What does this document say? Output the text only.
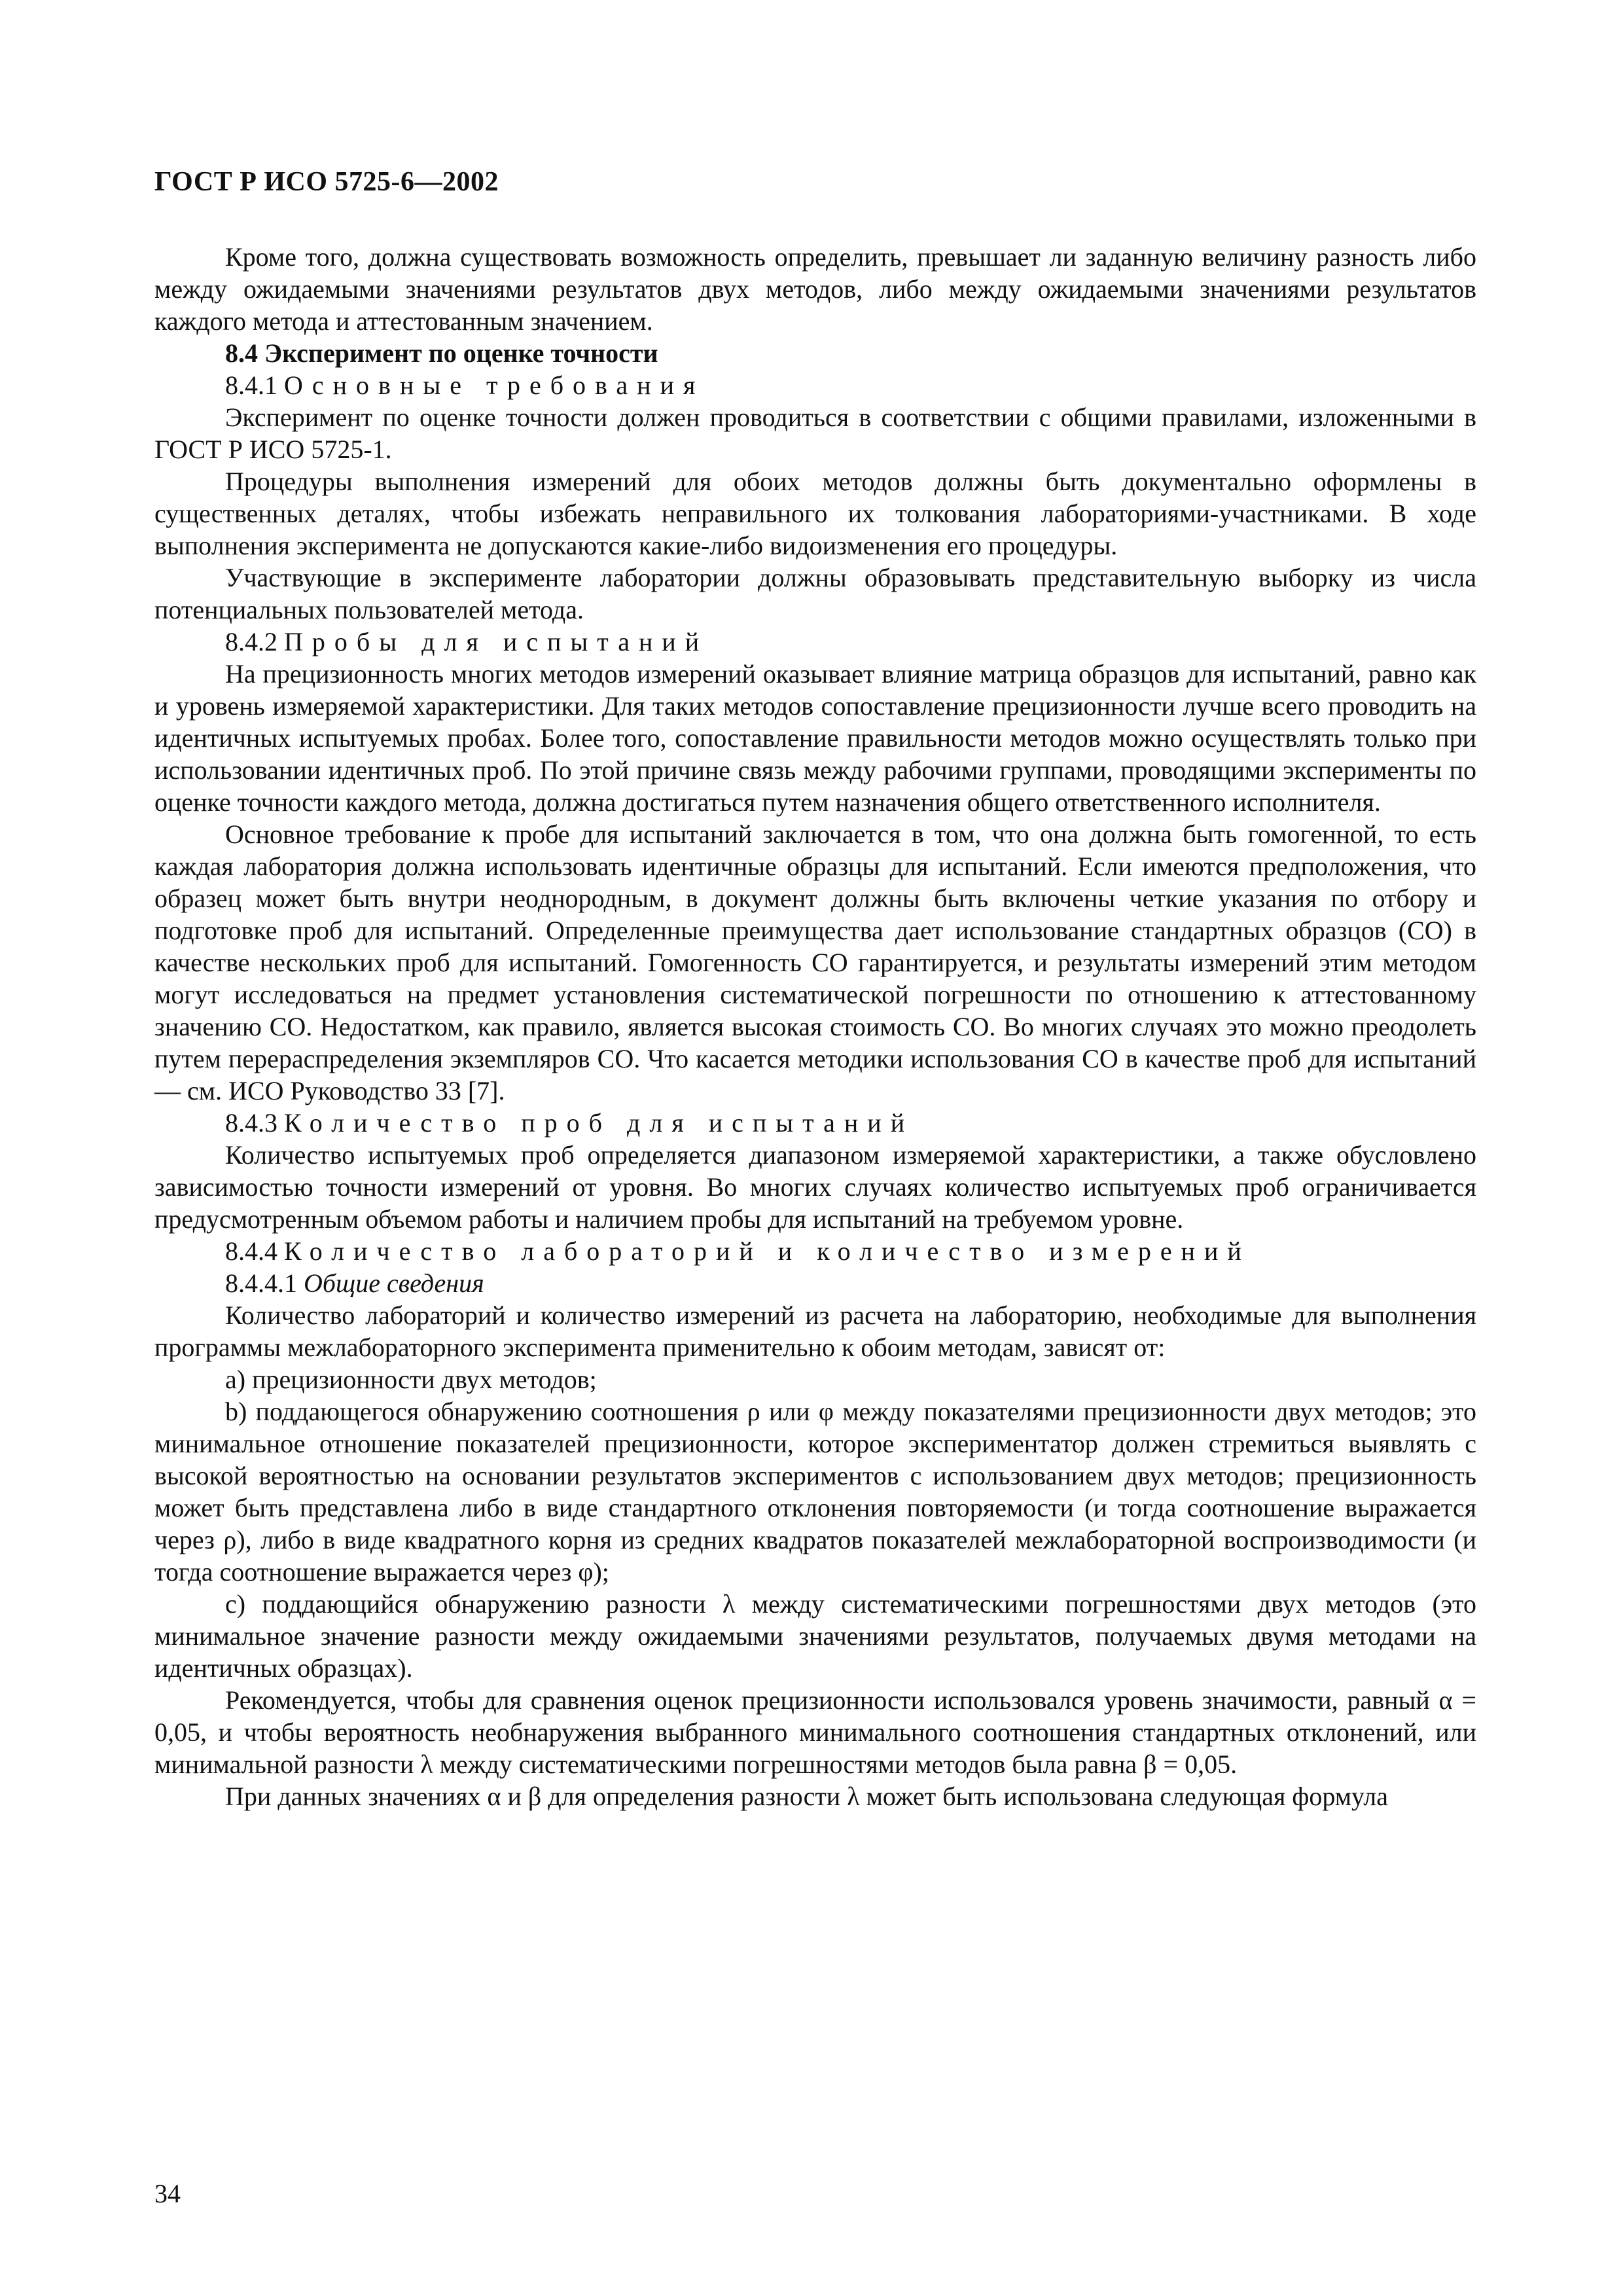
ГОСТ Р ИСО 5725-6—2002

Кроме того, должна существовать возможность определить, превышает ли заданную величину разность либо между ожидаемыми значениями результатов двух методов, либо между ожидаемыми значениями результатов каждого метода и аттестованным значением.

8.4 Эксперимент по оценке точности

8.4.1 Основные требования

Эксперимент по оценке точности должен проводиться в соответствии с общими правилами, изложенными в ГОСТ Р ИСО 5725-1.

Процедуры выполнения измерений для обоих методов должны быть документально оформлены в существенных деталях, чтобы избежать неправильного их толкования лабораториями-участниками. В ходе выполнения эксперимента не допускаются какие-либо видоизменения его процедуры.

Участвующие в эксперименте лаборатории должны образовывать представительную выборку из числа потенциальных пользователей метода.

8.4.2 Пробы для испытаний

На прецизионность многих методов измерений оказывает влияние матрица образцов для испытаний, равно как и уровень измеряемой характеристики. Для таких методов сопоставление прецизионности лучше всего проводить на идентичных испытуемых пробах. Более того, сопоставление правильности методов можно осуществлять только при использовании идентичных проб. По этой причине связь между рабочими группами, проводящими эксперименты по оценке точности каждого метода, должна достигаться путем назначения общего ответственного исполнителя.

Основное требование к пробе для испытаний заключается в том, что она должна быть гомогенной, то есть каждая лаборатория должна использовать идентичные образцы для испытаний. Если имеются предположения, что образец может быть внутри неоднородным, в документ должны быть включены четкие указания по отбору и подготовке проб для испытаний. Определенные преимущества дает использование стандартных образцов (СО) в качестве нескольких проб для испытаний. Гомогенность СО гарантируется, и результаты измерений этим методом могут исследоваться на предмет установления систематической погрешности по отношению к аттестованному значению СО. Недостатком, как правило, является высокая стоимость СО. Во многих случаях это можно преодолеть путем перераспределения экземпляров СО. Что касается методики использования СО в качестве проб для испытаний — см. ИСО Руководство 33 [7].

8.4.3 Количество проб для испытаний

Количество испытуемых проб определяется диапазоном измеряемой характеристики, а также обусловлено зависимостью точности измерений от уровня. Во многих случаях количество испытуемых проб ограничивается предусмотренным объемом работы и наличием пробы для испытаний на требуемом уровне.

8.4.4 Количество лабораторий и количество измерений

8.4.4.1 Общие сведения

Количество лабораторий и количество измерений из расчета на лабораторию, необходимые для выполнения программы межлабораторного эксперимента применительно к обоим методам, зависят от:

а) прецизионности двух методов;

b) поддающегося обнаружению соотношения ρ или φ между показателями прецизионности двух методов; это минимальное отношение показателей прецизионности, которое экспериментатор должен стремиться выявлять с высокой вероятностью на основании результатов экспериментов с использованием двух методов; прецизионность может быть представлена либо в виде стандартного отклонения повторяемости (и тогда соотношение выражается через ρ), либо в виде квадратного корня из средних квадратов показателей межлабораторной воспроизводимости (и тогда соотношение выражается через φ);

с) поддающийся обнаружению разности λ между систематическими погрешностями двух методов (это минимальное значение разности между ожидаемыми значениями результатов, получаемых двумя методами на идентичных образцах).

Рекомендуется, чтобы для сравнения оценок прецизионности использовался уровень значимости, равный α = 0,05, и чтобы вероятность необнаружения выбранного минимального соотношения стандартных отклонений, или минимальной разности λ между систематическими погрешностями методов была равна β = 0,05.

При данных значениях α и β для определения разности λ может быть использована следующая формула

34
